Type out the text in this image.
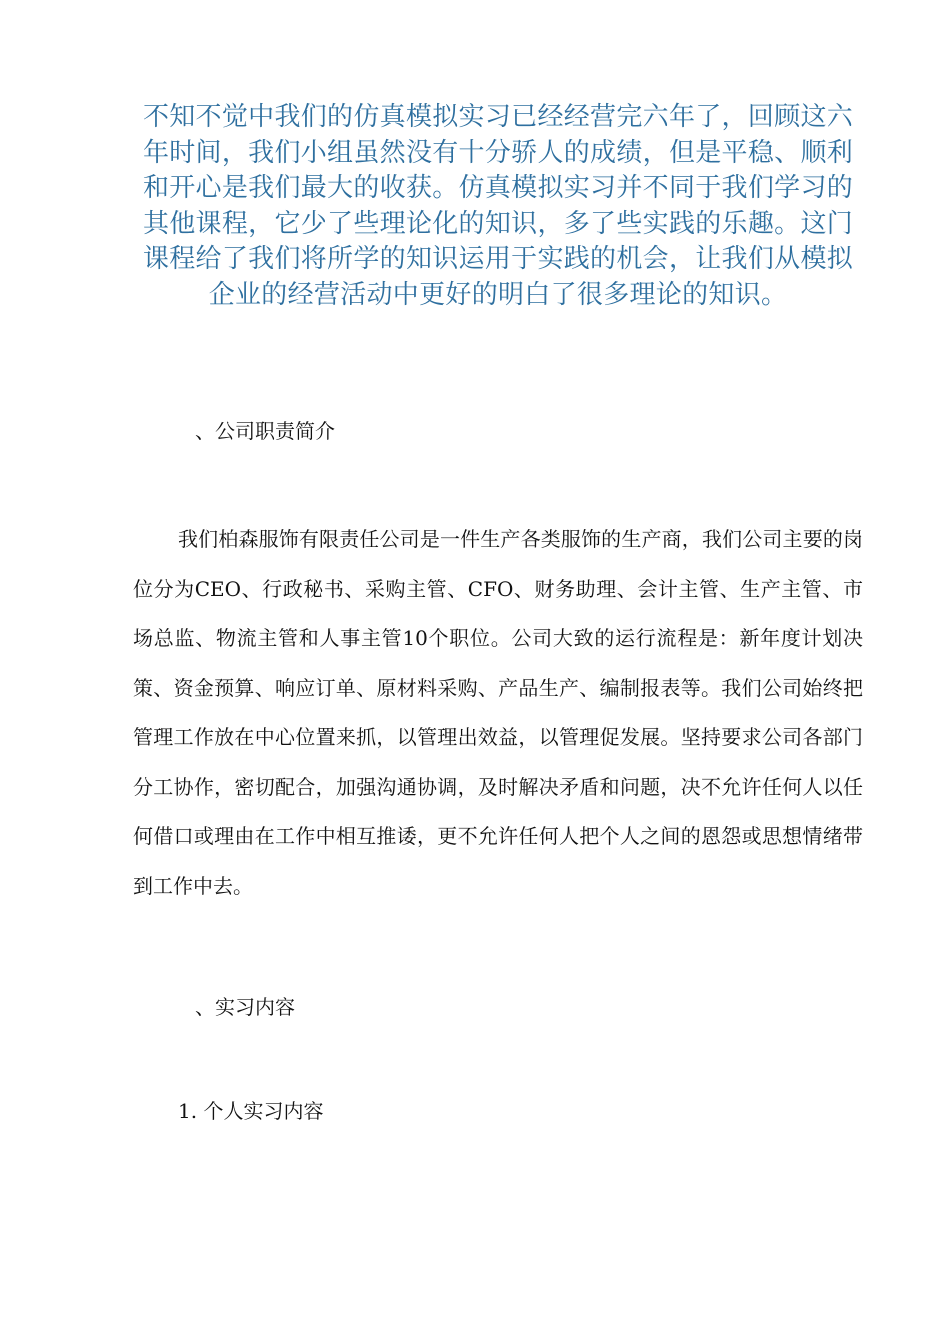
不知不觉中我们的仿真模拟实习已经经营完六年了，回顾这六年时间，我们小组虽然没有十分骄人的成绩，但是平稳、顺利和开心是我们最大的收获。仿真模拟实习并不同于我们学习的其他课程，它少了些理论化的知识，多了些实践的乐趣。这门课程给了我们将所学的知识运用于实践的机会，让我们从模拟企业的经营活动中更好的明白了很多理论的知识。

、公司职责简介

我们柏森服饰有限责任公司是一件生产各类服饰的生产商，我们公司主要的岗位分为CEO、行政秘书、采购主管、CFO、财务助理、会计主管、生产主管、市场总监、物流主管和人事主管10个职位。公司大致的运行流程是：新年度计划决策、资金预算、响应订单、原材料采购、产品生产、编制报表等。我们公司始终把管理工作放在中心位置来抓，以管理出效益，以管理促发展。坚持要求公司各部门分工协作，密切配合，加强沟通协调，及时解决矛盾和问题，决不允许任何人以任何借口或理由在工作中相互推诿，更不允许任何人把个人之间的恩怨或思想情绪带到工作中去。

、实习内容
1. 个人实习内容
